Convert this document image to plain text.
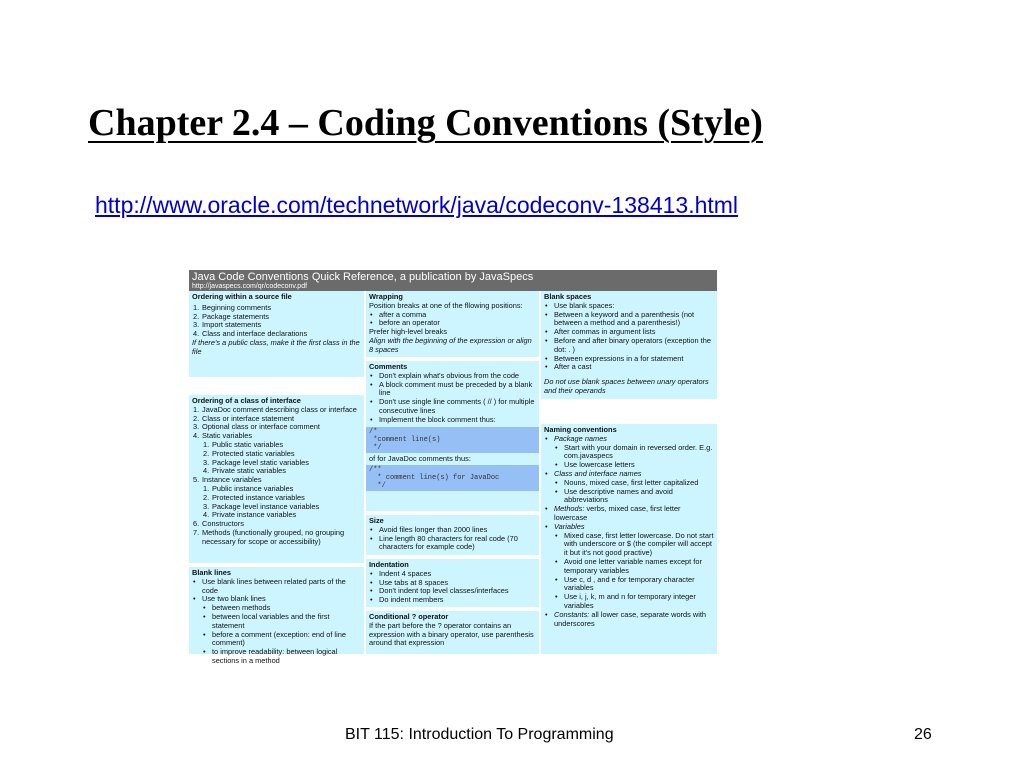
Chapter 2.4 – Coding Conventions (Style)
http://www.oracle.com/technetwork/java/codeconv-138413.html
Java Code Conventions Quick Reference, a publication by JavaSpecs
http://javaspecs.com/qr/codeconv.pdf
Ordering within a source file
1. Beginning comments
2. Package statements
3. Import statements
4. Class and interface declarations
If there's a public class, make it the first class in the file
Ordering of a class of interface
1. JavaDoc comment describing class or interface
2. Class or interface statement
3. Optional class or interface comment
4. Static variables
1. Public static variables
2. Protected static variables
3. Package level static variables
4. Private static variables
5. Instance variables
1. Public instance variables
2. Protected instance variables
3. Package level instance variables
4. Private instance variables
6. Constructors
7. Methods (functionally grouped, no grouping necessary for scope or accessibility)
Blank lines
• Use blank lines between related parts of the code
• Use two blank lines
• between methods
• between local variables and the first statement
• before a comment (exception: end of line comment)
• to improve readability: between logical sections in a method
Wrapping
Position breaks at one of the fllowing positions:
• after a comma
• before an operator
Prefer high-level breaks
Align with the beginning of the expression or align 8 spaces
Comments
• Don't explain what's obvious from the code
• A block comment must be preceded by a blank line
• Don't use single line comments ( // ) for multiple consecutive lines
• Implement the block comment thus:
/*
*comment line(s)
*/
of for JavaDoc comments thus:
/**
* comment line(s) for JavaDoc
*/
Size
• Avoid files longer than 2000 lines
• Line length 80 characters for real code (70 characters for example code)
Indentation
• Indent 4 spaces
• Use tabs at 8 spaces
• Don't indent top level classes/interfaces
• Do indent members
Conditional ? operator
If the part before the ? operator contains an expression with a binary operator, use parenthesis around that expression
Blank spaces
• Use blank spaces:
• Between a keyword and a parenthesis (not between a method and a parenthesis!)
• After commas in argument lists
• Before and after binary operators (exception the dot: . )
• Between expressions in a for statement
• After a cast
Do not use blank spaces between unary operators and their operands
Naming conventions
• Package names
• Start with your domain in reversed order. E.g. com.javaspecs
• Use lowercase letters
• Class and interface names
• Nouns, mixed case, first letter capitalized
• Use descriptive names and avoid abbreviations
• Methods: verbs, mixed case, first letter lowercase
• Variables
• Mixed case, first letter lowercase. Do not start with underscore or $ (the compiler will accept it but it's not good practive)
• Avoid one letter variable names except for temporary variables
• Use c, d , and e for temporary character variables
• Use i, j, k, m and n for temporary integer variables
• Constants: all lower case, separate words with underscores
BIT 115: Introduction To Programming	26
